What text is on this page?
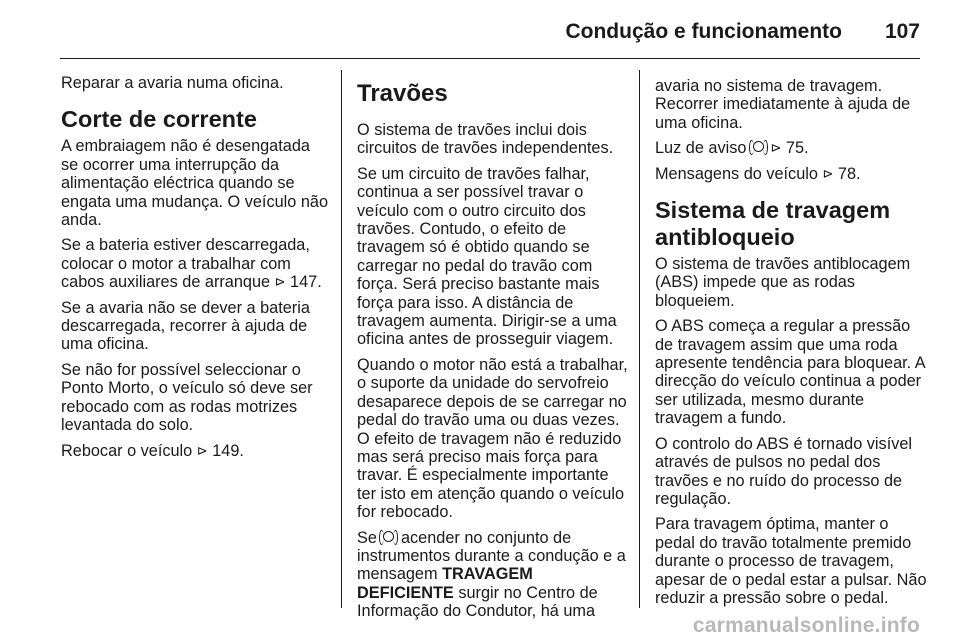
Condução e funcionamento 107

Reparar a avaria numa oficina.

Corte de corrente

A embraiagem não é desengatada se ocorrer uma interrupção da alimentação eléctrica quando se engata uma mudança. O veículo não anda.

Se a bateria estiver descarregada, colocar o motor a trabalhar com cabos auxiliares de arranque ⊳ 147.

Se a avaria não se dever a bateria descarregada, recorrer à ajuda de uma oficina.

Se não for possível seleccionar o Ponto Morto, o veículo só deve ser rebocado com as rodas motrizes levantada do solo.

Rebocar o veículo ⊳ 149.

Travões

O sistema de travões inclui dois circuitos de travões independentes.

Se um circuito de travões falhar, continua a ser possível travar o veículo com o outro circuito dos travões. Contudo, o efeito de travagem só é obtido quando se carregar no pedal do travão com força. Será preciso bastante mais força para isso. A distância de travagem aumenta. Dirigir-se a uma oficina antes de prosseguir viagem.

Quando o motor não está a trabalhar, o suporte da unidade do servofreio desaparece depois de se carregar no pedal do travão uma ou duas vezes. O efeito de travagem não é reduzido mas será preciso mais força para travar. É especialmente importante ter isto em atenção quando o veículo for rebocado.

Se acender no conjunto de instrumentos durante a condução e a mensagem TRAVAGEM DEFICIENTE surgir no Centro de Informação do Condutor, há uma

avaria no sistema de travagem. Recorrer imediatamente à ajuda de uma oficina.

Luz de aviso ⊳ 75.

Mensagens do veículo ⊳ 78.

Sistema de travagem antibloqueio

O sistema de travões antiblocagem (ABS) impede que as rodas bloqueiem.

O ABS começa a regular a pressão de travagem assim que uma roda apresente tendência para bloquear. A direcção do veículo continua a poder ser utilizada, mesmo durante travagem a fundo.

O controlo do ABS é tornado visível através de pulsos no pedal dos travões e no ruído do processo de regulação.

Para travagem óptima, manter o pedal do travão totalmente premido durante o processo de travagem, apesar de o pedal estar a pulsar. Não reduzir a pressão sobre o pedal.

carmanualsonline.info
